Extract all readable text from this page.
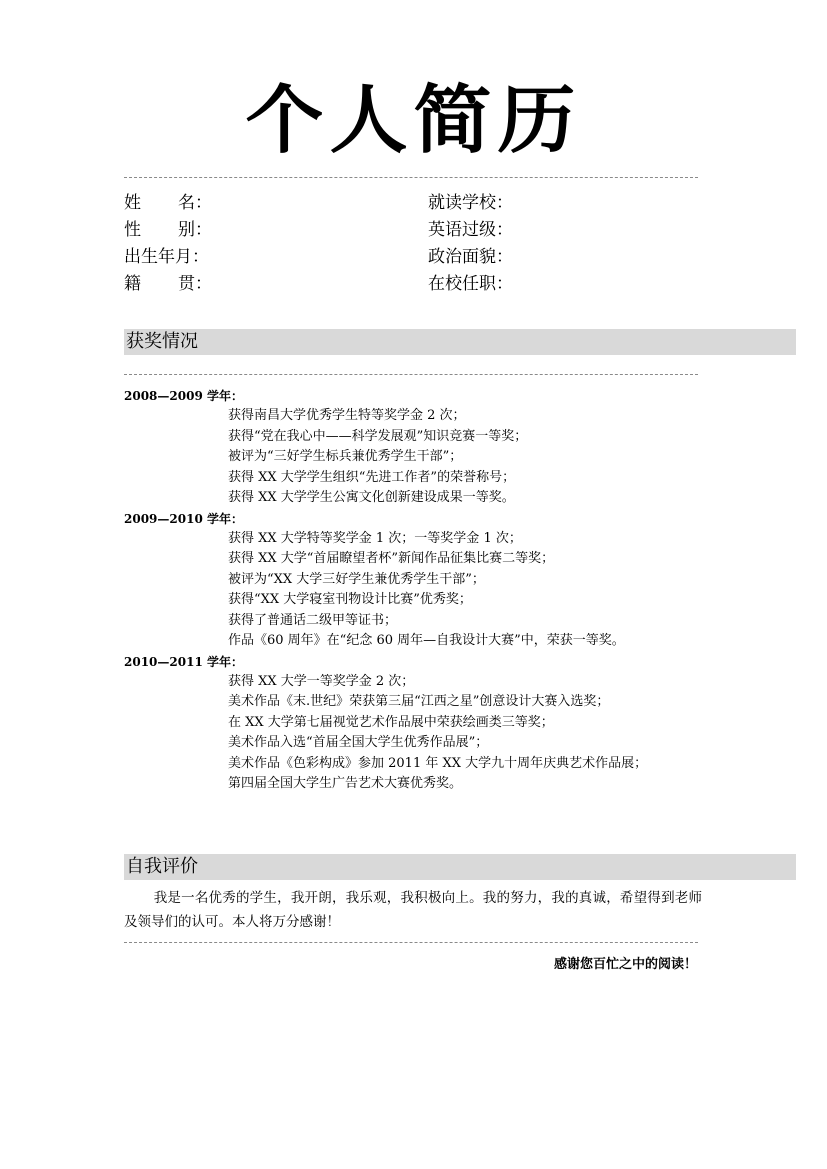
个人简历
姓 名：	就读学校：
性 别：	英语过级：
出生年月：	政治面貌：
籍 贯：	在校任职：
获奖情况
2008—2009 学年：
获得南昌大学优秀学生特等奖学金 2 次；
获得“党在我心中——科学发展观”知识竞赛一等奖；
被评为“三好学生标兵兼优秀学生干部”；
获得 XX 大学学生组织“先进工作者”的荣誉称号；
获得 XX 大学学生公寓文化创新建设成果一等奖。
2009—2010 学年：
获得 XX 大学特等奖学金 1 次；一等奖学金 1 次；
获得 XX 大学“首届瞭望者杯”新闻作品征集比赛二等奖；
被评为“XX 大学三好学生兼优秀学生干部”；
获得“XX 大学寝室刊物设计比赛”优秀奖；
获得了普通话二级甲等证书；
作品《60 周年》在“纪念 60 周年—自我设计大赛”中，荣获一等奖。
2010—2011 学年：
获得 XX 大学一等奖学金 2 次；
美术作品《末.世纪》荣获第三届“江西之星”创意设计大赛入选奖；
在 XX 大学第七届视觉艺术作品展中荣获绘画类三等奖；
美术作品入选“首届全国大学生优秀作品展”；
美术作品《色彩构成》参加 2011 年 XX 大学九十周年庆典艺术作品展；
第四届全国大学生广告艺术大赛优秀奖。
自我评价

我是一名优秀的学生，我开朗，我乐观，我积极向上。我的努力，我的真诚，希望得到老师及领导们的认可。本人将万分感谢！

感谢您百忙之中的阅读！
